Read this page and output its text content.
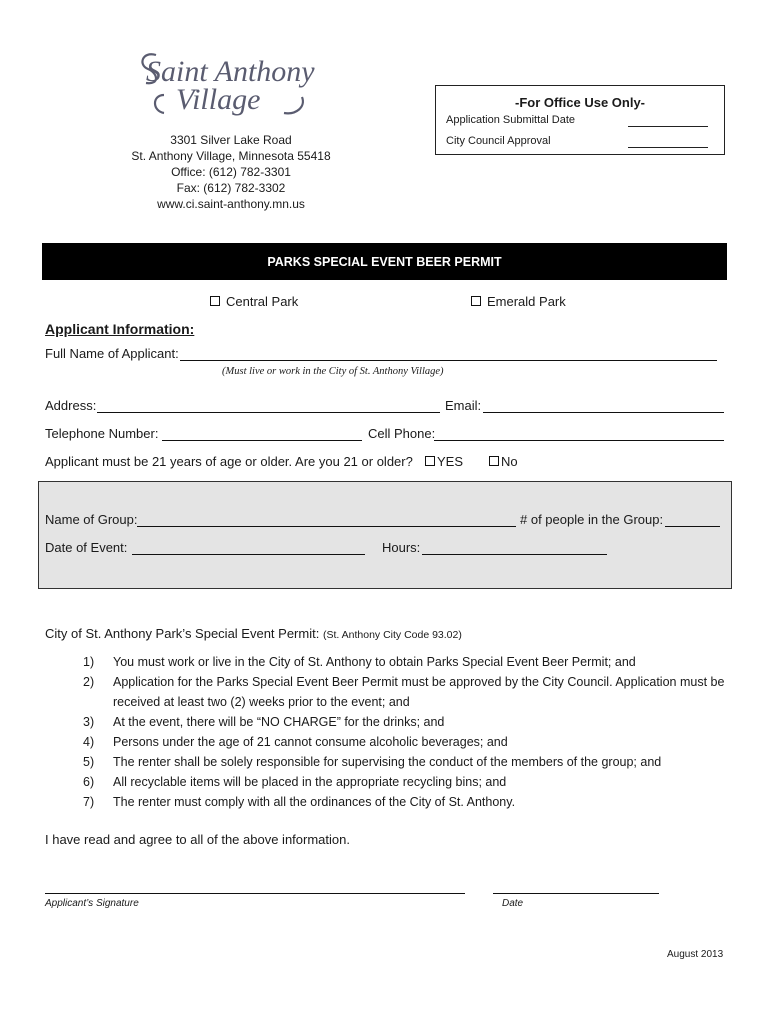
Saint Anthony
Village
3301 Silver Lake Road
St. Anthony Village, Minnesota 55418
Office: (612) 782-3301
Fax: (612) 782-3302
www.ci.saint-anthony.mn.us
-For Office Use Only-
Application Submittal Date
City Council Approval
PARKS SPECIAL EVENT BEER PERMIT
Central Park	Emerald Park
Applicant Information:
Full Name of Applicant:
(Must live or work in the City of St. Anthony Village)
Address:	Email:
Telephone Number:	Cell Phone:
Applicant must be 21 years of age or older. Are you 21 or older?	YES	No
Name of Group:	# of people in the Group:
Date of Event:	Hours:
City of St. Anthony Park’s Special Event Permit: (St. Anthony City Code 93.02)
1)	You must work or live in the City of St. Anthony to obtain Parks Special Event Beer Permit; and
2)	Application for the Parks Special Event Beer Permit must be approved by the City Council. Application must be received at least two (2) weeks prior to the event; and
3)	At the event, there will be “NO CHARGE” for the drinks; and
4)	Persons under the age of 21 cannot consume alcoholic beverages; and
5)	The renter shall be solely responsible for supervising the conduct of the members of the group; and
6)	All recyclable items will be placed in the appropriate recycling bins; and
7)	The renter must comply with all the ordinances of the City of St. Anthony.
I have read and agree to all of the above information.
Applicant’s Signature	Date
August 2013
